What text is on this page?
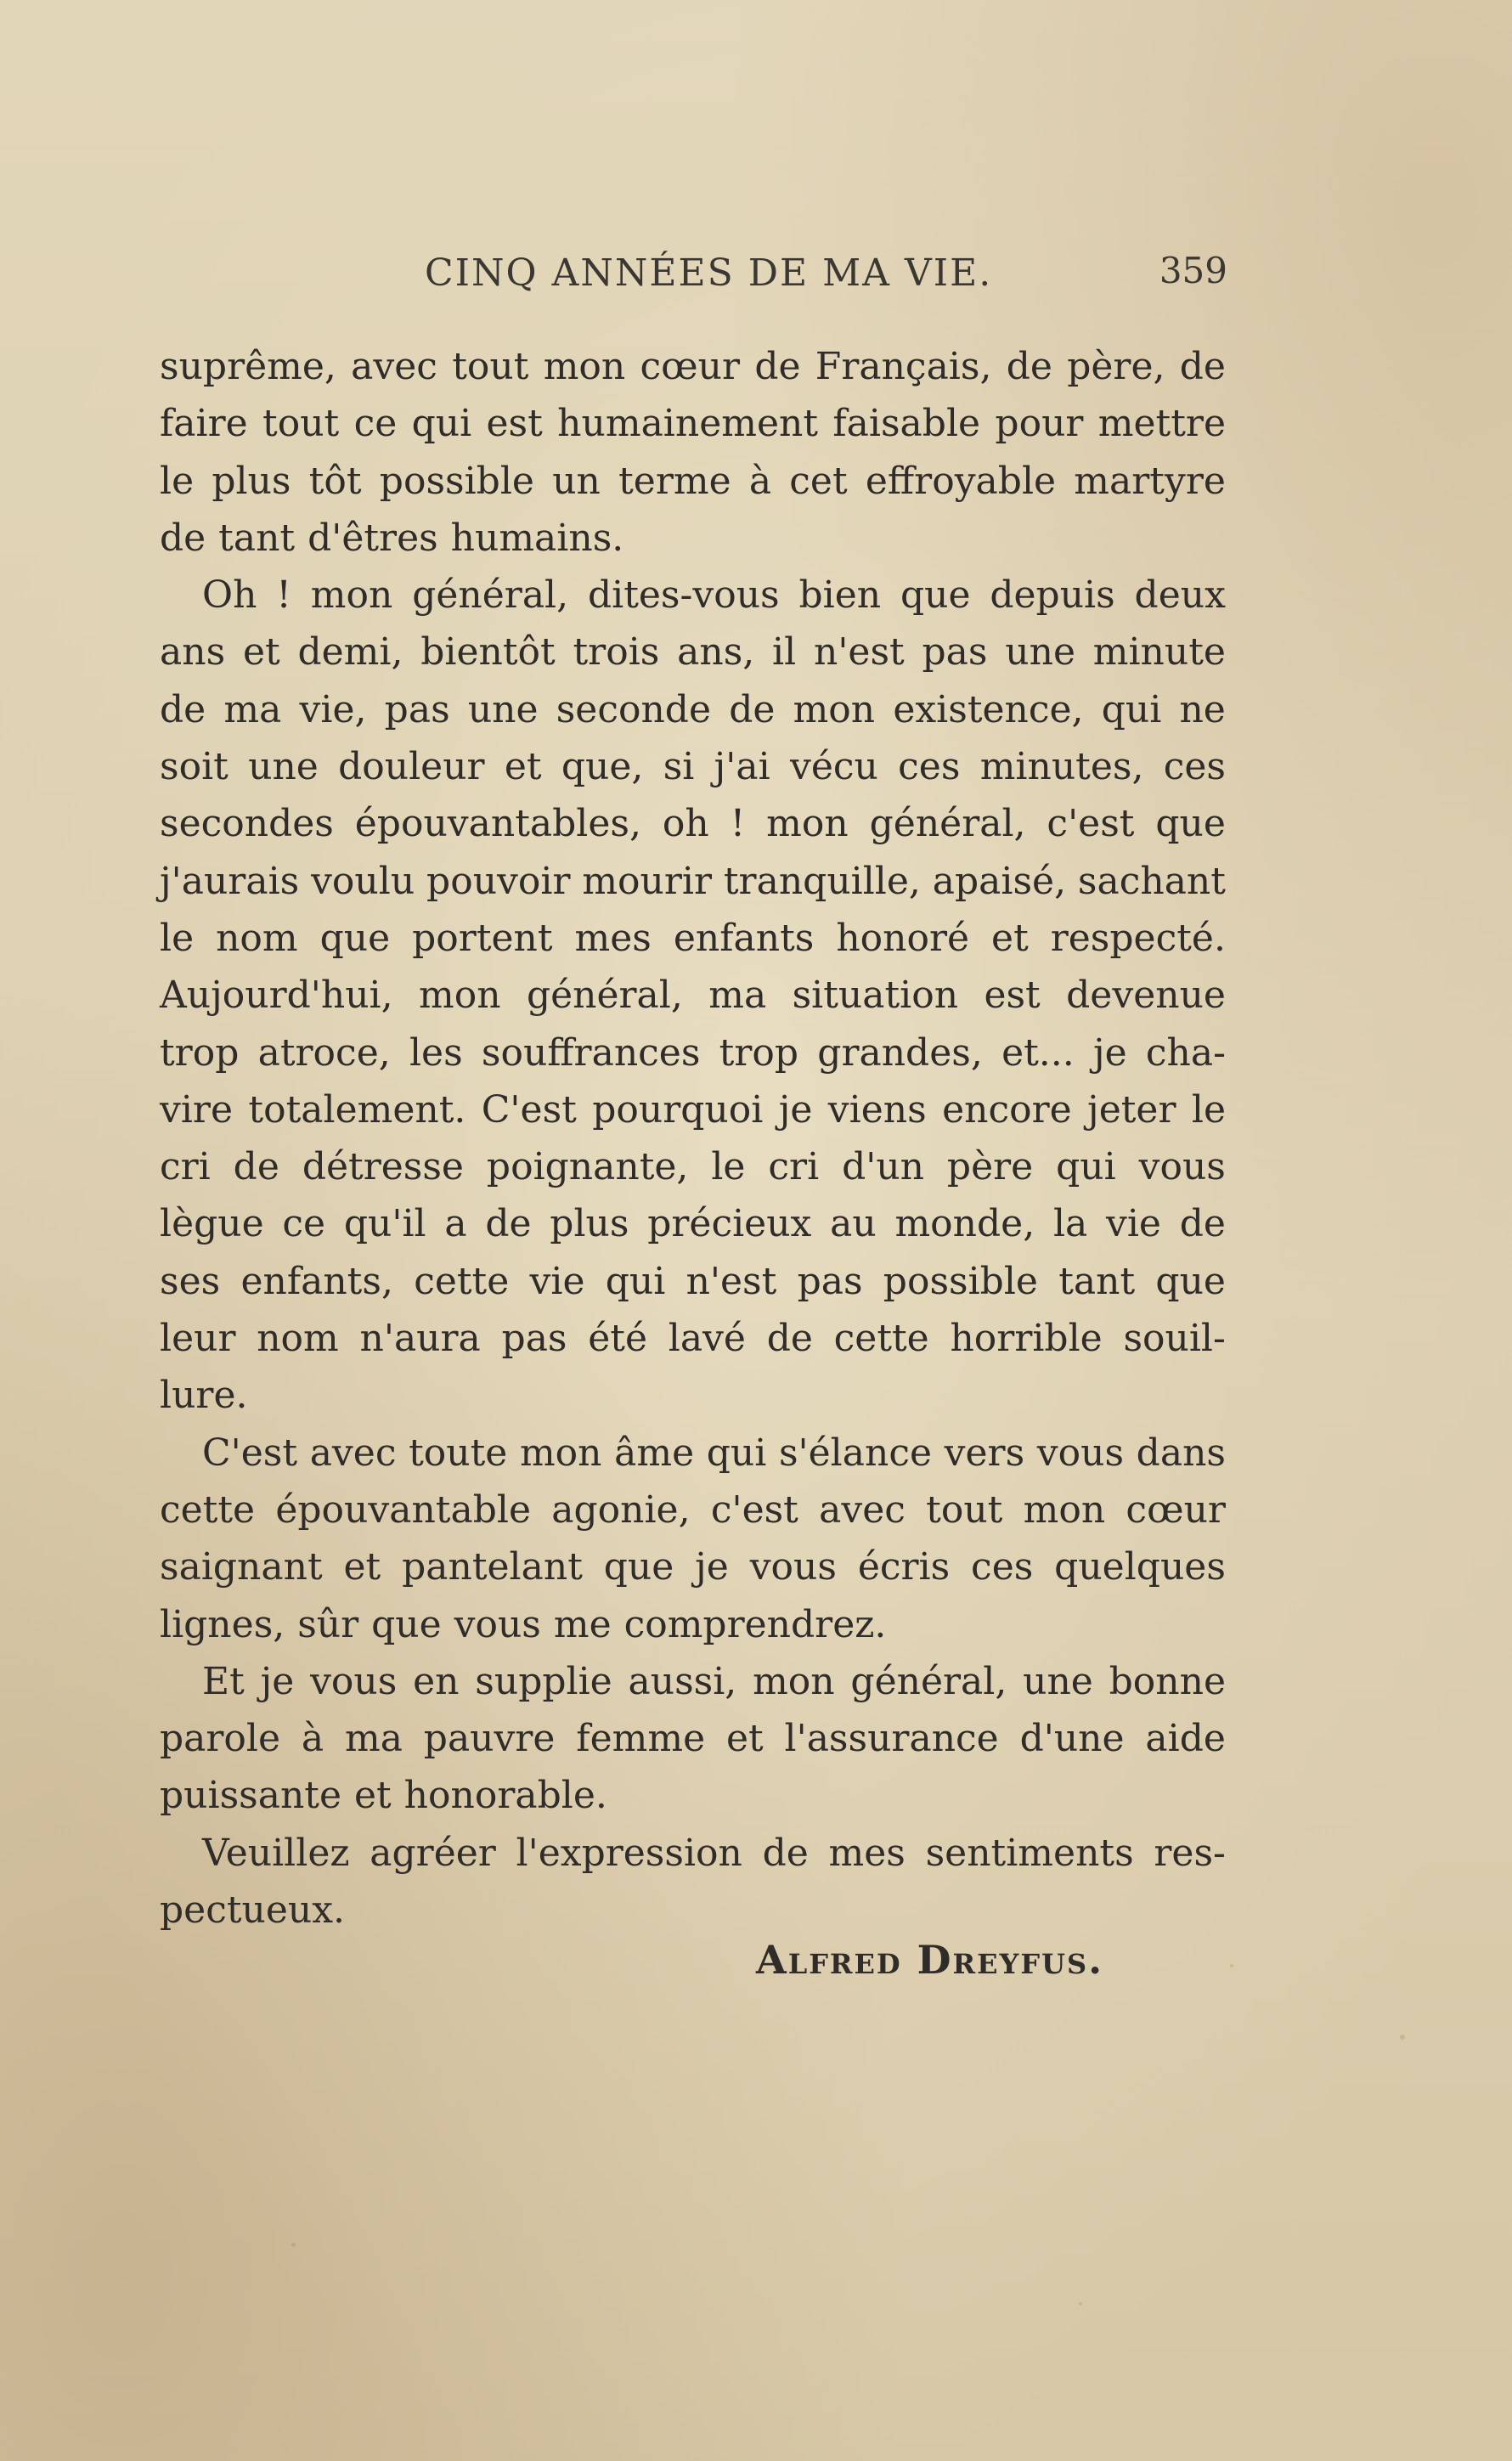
CINQ ANNÉES DE MA VIE.	359
suprême, avec tout mon cœur de Français, de père, de
faire tout ce qui est humainement faisable pour mettre
le plus tôt possible un terme à cet effroyable martyre
de tant d'êtres humains.
Oh ! mon général, dites-vous bien que depuis deux
ans et demi, bientôt trois ans, il n'est pas une minute
de ma vie, pas une seconde de mon existence, qui ne
soit une douleur et que, si j'ai vécu ces minutes, ces
secondes épouvantables, oh ! mon général, c'est que
j'aurais voulu pouvoir mourir tranquille, apaisé, sachant
le nom que portent mes enfants honoré et respecté.
Aujourd'hui, mon général, ma situation est devenue
trop atroce, les souffrances trop grandes, et... je cha-
vire totalement. C'est pourquoi je viens encore jeter le
cri de détresse poignante, le cri d'un père qui vous
lègue ce qu'il a de plus précieux au monde, la vie de
ses enfants, cette vie qui n'est pas possible tant que
leur nom n'aura pas été lavé de cette horrible souil-
lure.
C'est avec toute mon âme qui s'élance vers vous dans
cette épouvantable agonie, c'est avec tout mon cœur
saignant et pantelant que je vous écris ces quelques
lignes, sûr que vous me comprendrez.
Et je vous en supplie aussi, mon général, une bonne
parole à ma pauvre femme et l'assurance d'une aide
puissante et honorable.
Veuillez agréer l'expression de mes sentiments res-
pectueux.
Alfred Dreyfus.
